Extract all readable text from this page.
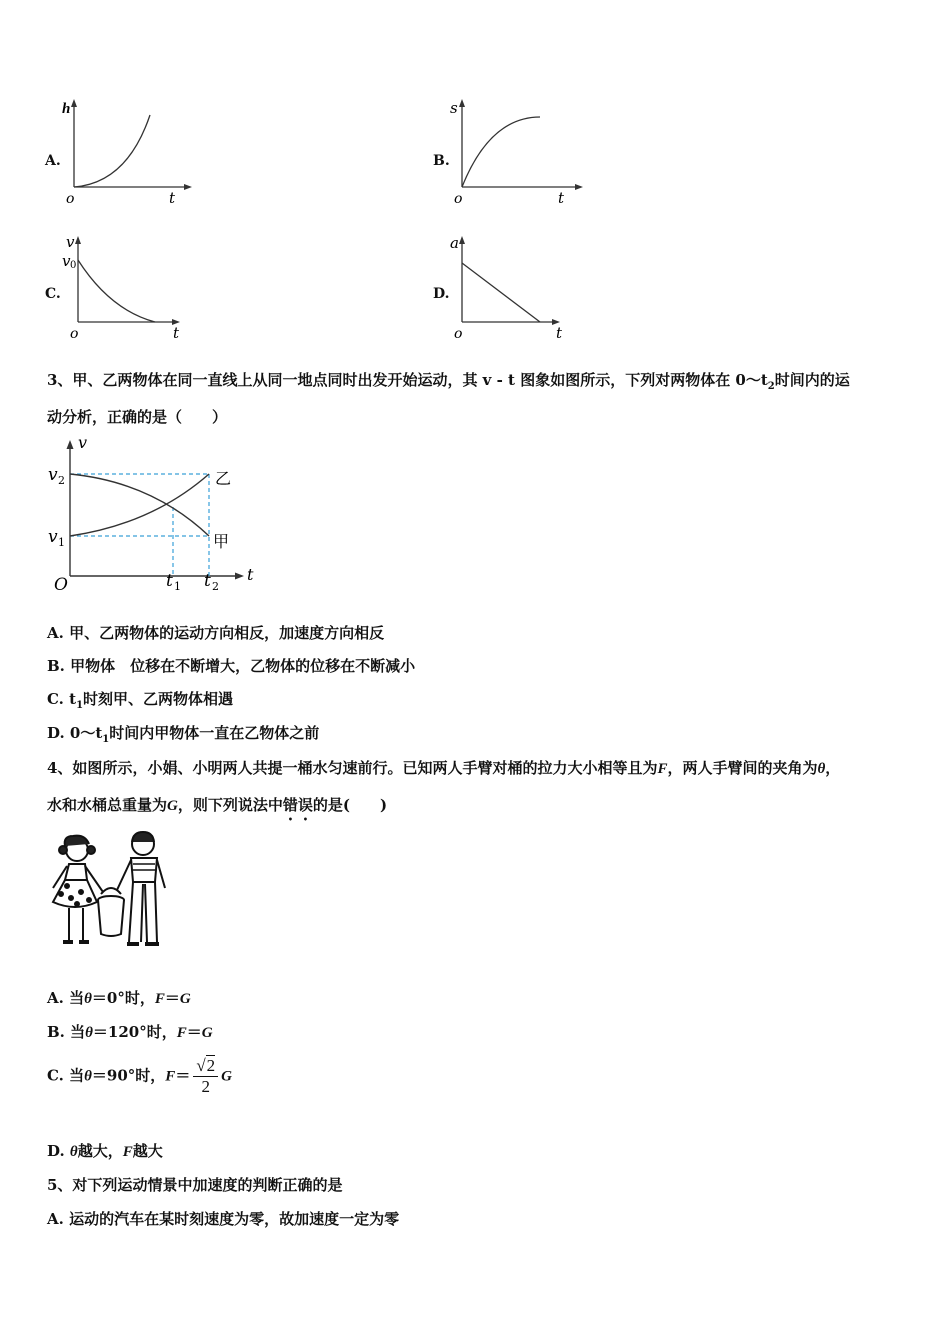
A.
h
o	t
B.
s
o	t
C.
v
v 0
o	t
D.
a
o	t
3、甲、乙两物体在同一直线上从同一地点同时出发开始运动，其 v - t 图象如图所示，下列对两物体在 $0\sim t_2$时间内的运
动分析，正确的是（　　）
v
t
O
v 2
v 1
t 1 t 2
乙
甲
A. 甲、乙两物体的运动方向相反，加速度方向相反
B. 甲物体　位移在不断增大，乙物体的位移在不断减小
C. $t_1$时刻甲、乙两物体相遇
D. $0\sim t_1$时间内甲物体一直在乙物体之前
4、如图所示，小娟、小明两人共提一桶水匀速前行。已知两人手臂对桶的拉力大小相等且为F，两人手臂间的夹角为θ，
水和水桶总重量为G，则下列说法中错误的是(　　)
A. 当θ＝0°时，F＝G
B. 当θ＝120°时，F＝G
C. 当θ＝90°时，$F= \frac{√2}{2}$ G
D. θ越大，F越大
5、对下列运动情景中加速度的判断正确的是
A. 运动的汽车在某时刻速度为零，故加速度一定为零
